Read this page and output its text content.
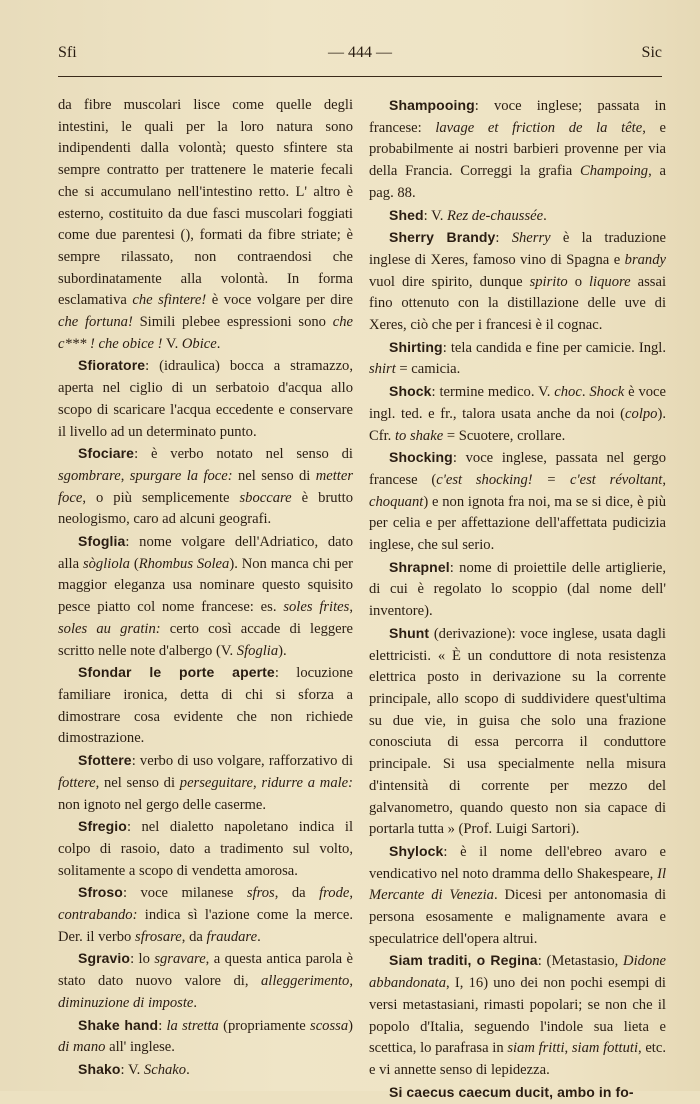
Sfi	— 444 —	Sic

da fibre muscolari lisce come quelle degli intestini, le quali per la loro natura sono indipendenti dalla volontà; questo sfintere sta sempre contratto per trattenere le materie fecali che si accumulano nell'intestino retto. L' altro è esterno, costituito da due fasci muscolari foggiati come due parentesi (), formati da fibre striate; è sempre rilassato, non contraendosi che subordinatamente alla volontà. In forma esclamativa che sfintere! è voce volgare per dire che fortuna! Simili plebee espressioni sono che c*** ! che obice ! V. Obice.

Sfioratore: (idraulica) bocca a stramazzo, aperta nel ciglio di un serbatoio d'acqua allo scopo di scaricare l'acqua eccedente e conservare il livello ad un determinato punto.

Sfociare: è verbo notato nel senso di sgombrare, spurgare la foce: nel senso di metter foce, o più semplicemente sboccare è brutto neologismo, caro ad alcuni geografi.

Sfoglia: nome volgare dell'Adriatico, dato alla sògliola (Rhombus Solea). Non manca chi per maggior eleganza usa nominare questo squisito pesce piatto col nome francese: es. soles frites, soles au gratin: certo così accade di leggere scritto nelle note d'albergo (V. Sfoglia).

Sfondar le porte aperte: locuzione familiare ironica, detta di chi si sforza a dimostrare cosa evidente che non richiede dimostrazione.

Sfottere: verbo di uso volgare, rafforzativo di fottere, nel senso di perseguitare, ridurre a male: non ignoto nel gergo delle caserme.

Sfregio: nel dialetto napoletano indica il colpo di rasoio, dato a tradimento sul volto, solitamente a scopo di vendetta amorosa.

Sfroso: voce milanese sfros, da frode, contrabando: indica sì l'azione come la merce. Der. il verbo sfrosare, da fraudare.

Sgravio: lo sgravare, a questa antica parola è stato dato nuovo valore di, alleggerimento, diminuzione di imposte.

Shake hand: la stretta (propriamente scossa) di mano all' inglese.

Shako: V. Schako.

Shampooing: voce inglese; passata in francese: lavage et friction de la tête, e probabilmente ai nostri barbieri provenne per via della Francia. Correggi la grafia Champoing, a pag. 88.

Shed: V. Rez de-chaussée.

Sherry Brandy: Sherry è la traduzione inglese di Xeres, famoso vino di Spagna e brandy vuol dire spirito, dunque spirito o liquore assai fino ottenuto con la distillazione delle uve di Xeres, ciò che per i francesi è il cognac.

Shirting: tela candida e fine per camicie. Ingl. shirt = camicia.

Shock: termine medico. V. choc. Shock è voce ingl. ted. e fr., talora usata anche da noi (colpo). Cfr. to shake = Scuotere, crollare.

Shocking: voce inglese, passata nel gergo francese (c'est shocking! = c'est révoltant, choquant) e non ignota fra noi, ma se si dice, è più per celia e per affettazione dell'affettata pudicizia inglese, che sul serio.

Shrapnel: nome di proiettile delle artiglierie, di cui è regolato lo scoppio (dal nome dell' inventore).

Shunt (derivazione): voce inglese, usata dagli elettricisti. « È un conduttore di nota resistenza elettrica posto in derivazione su la corrente principale, allo scopo di suddividere quest'ultima su due vie, in guisa che solo una frazione conosciuta di essa percorra il conduttore principale. Si usa specialmente nella misura d'intensità di corrente per mezzo del galvanometro, quando questo non sia capace di portarla tutta » (Prof. Luigi Sartori).

Shylock: è il nome dell'ebreo avaro e vendicativo nel noto dramma dello Shakespeare, Il Mercante di Venezia. Dicesi per antonomasia di persona esosamente e malignamente avara e speculatrice dell'opera altrui.

Siam traditi, o Regina: (Metastasio, Didone abbandonata, I, 16) uno dei non pochi esempi di versi metastasiani, rimasti popolari; se non che il popolo d'Italia, seguendo l'indole sua lieta e scettica, lo parafrasa in siam fritti, siam fottuti, etc. e vi annette senso di lepidezza.

Si caecus caecum ducit, ambo in fo-
